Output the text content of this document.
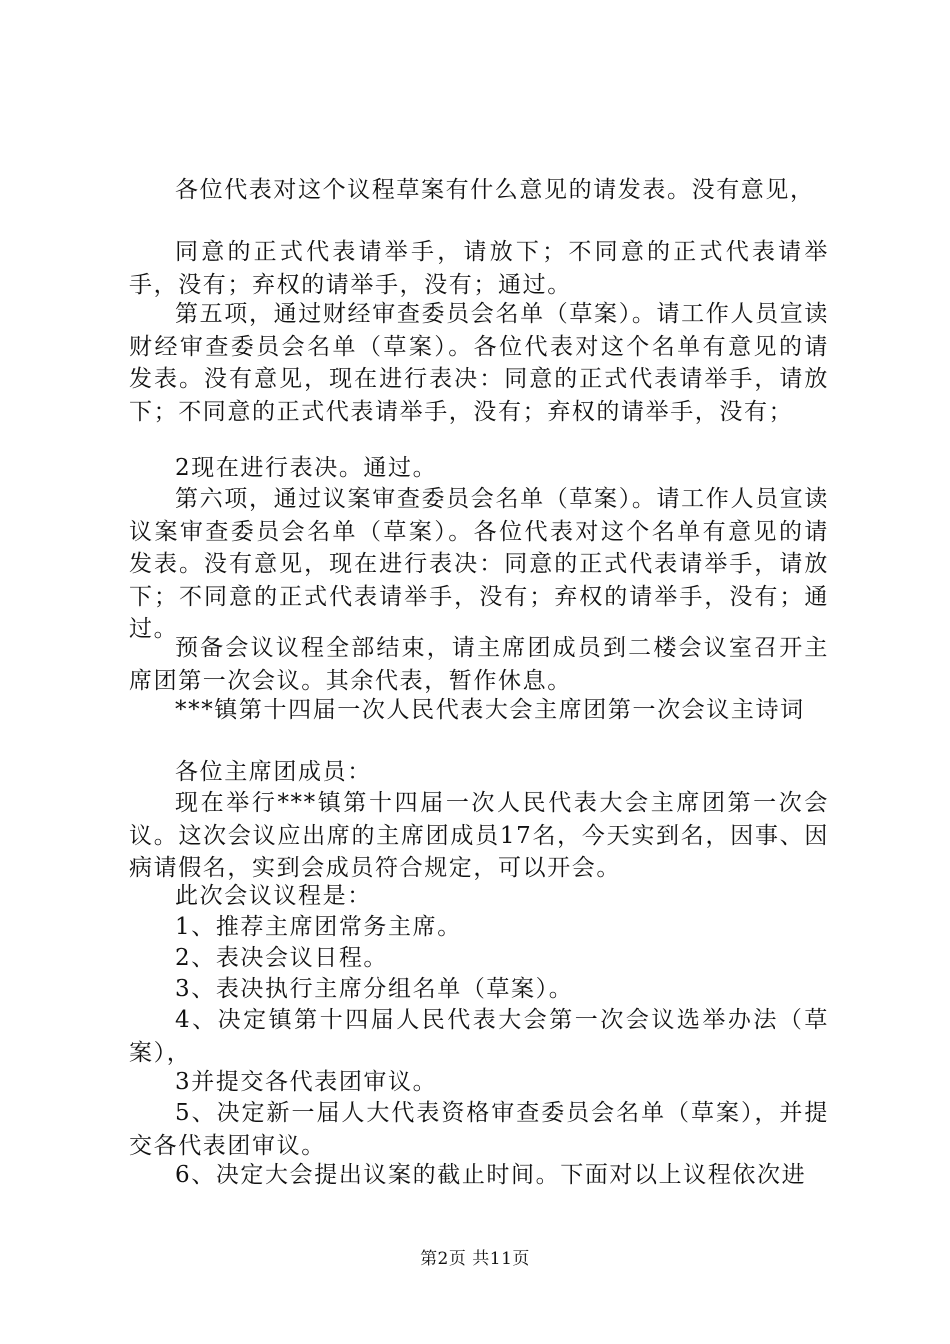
各位代表对这个议程草案有什么意见的请发表。没有意见，
同意的正式代表请举手，请放下；不同意的正式代表请举手，没有；弃权的请举手，没有；通过。
第五项，通过财经审查委员会名单（草案）。请工作人员宣读财经审查委员会名单（草案）。各位代表对这个名单有意见的请发表。没有意见，现在进行表决：同意的正式代表请举手，请放下；不同意的正式代表请举手，没有；弃权的请举手，没有；
2现在进行表决。通过。
第六项，通过议案审查委员会名单（草案）。请工作人员宣读议案审查委员会名单（草案）。各位代表对这个名单有意见的请发表。没有意见，现在进行表决：同意的正式代表请举手，请放下；不同意的正式代表请举手，没有；弃权的请举手，没有；通过。
预备会议议程全部结束，请主席团成员到二楼会议室召开主席团第一次会议。其余代表，暂作休息。
***镇第十四届一次人民代表大会主席团第一次会议主诗词
各位主席团成员：
现在举行***镇第十四届一次人民代表大会主席团第一次会议。这次会议应出席的主席团成员17名，今天实到名，因事、因病请假名，实到会成员符合规定，可以开会。
此次会议议程是：
1、推荐主席团常务主席。
2、表决会议日程。
3、表决执行主席分组名单（草案）。
4、决定镇第十四届人民代表大会第一次会议选举办法（草案），
3并提交各代表团审议。
5、决定新一届人大代表资格审查委员会名单（草案），并提交各代表团审议。
6、决定大会提出议案的截止时间。下面对以上议程依次进
第2页 共11页
